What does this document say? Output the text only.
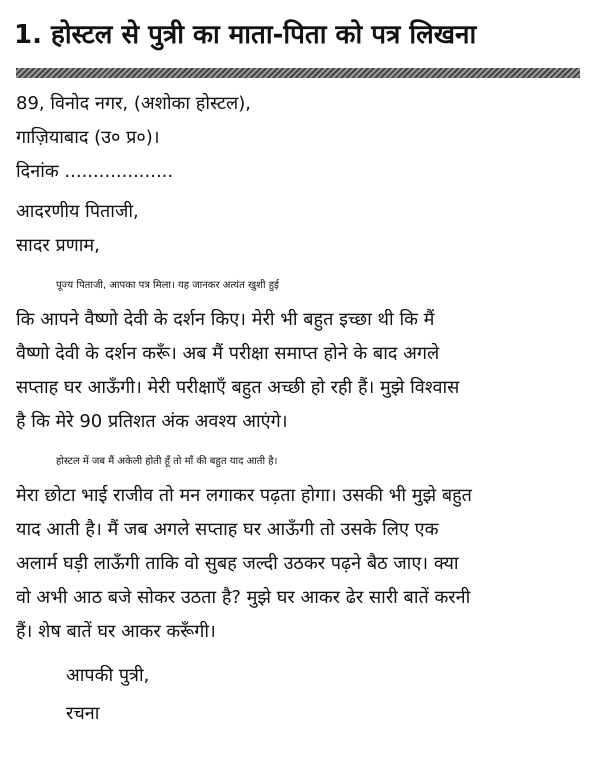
1. होस्टल से पुत्री का माता-पिता को पत्र लिखना
89, विनोद नगर, (अशोका होस्टल),
गाज़ियाबाद (उ० प्र०)।
दिनांक ...................
आदरणीय पिताजी,
सादर प्रणाम,
पूज्य पिताजी, आपका पत्र मिला। यह जानकर अत्यंत खुशी हुई
कि आपने वैष्णो देवी के दर्शन किए। मेरी भी बहुत इच्छा थी कि मैं
वैष्णो देवी के दर्शन करूँ। अब मैं परीक्षा समाप्त होने के बाद अगले
सप्ताह घर आऊँगी। मेरी परीक्षाएँ बहुत अच्छी हो रही हैं। मुझे विश्वास
है कि मेरे 90 प्रतिशत अंक अवश्य आएंगे।
होस्टल में जब मैं अकेली होती हूँ तो माँ की बहुत याद आती है।
मेरा छोटा भाई राजीव तो मन लगाकर पढ़ता होगा। उसकी भी मुझे बहुत
याद आती है। मैं जब अगले सप्ताह घर आऊँगी तो उसके लिए एक
अलार्म घड़ी लाऊँगी ताकि वो सुबह जल्दी उठकर पढ़ने बैठ जाए। क्या
वो अभी आठ बजे सोकर उठता है? मुझे घर आकर ढेर सारी बातें करनी
हैं। शेष बातें घर आकर करूँगी।
आपकी पुत्री,
रचना
